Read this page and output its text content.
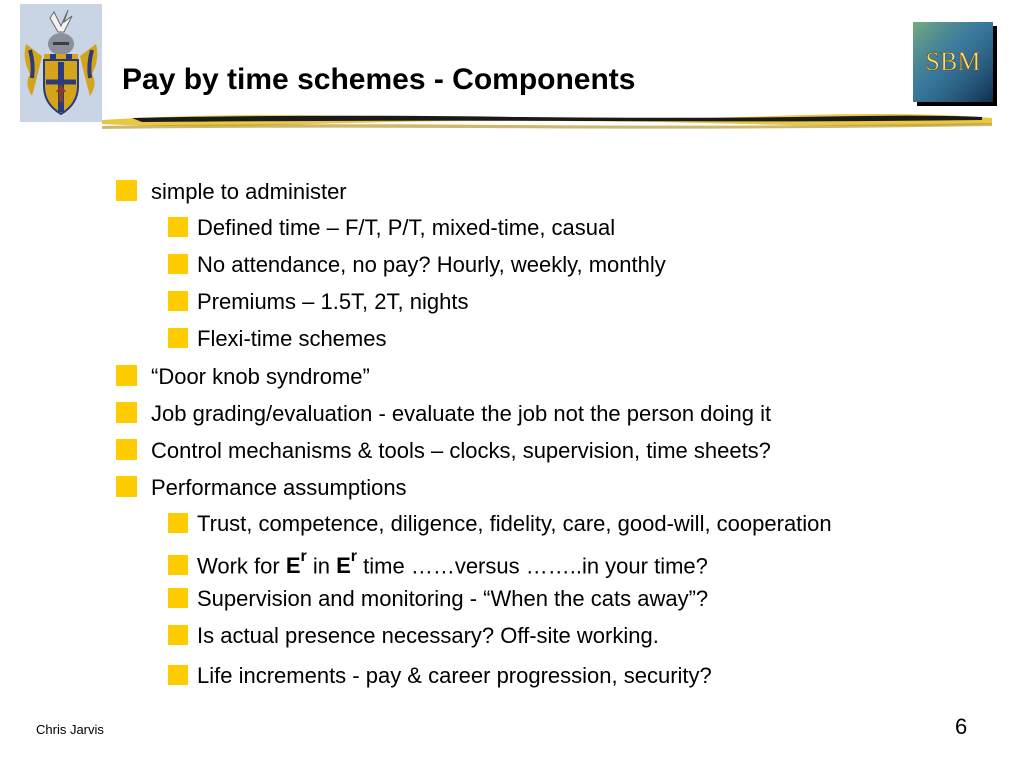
Pay by time schemes - Components
SBM
simple to administer
Defined time – F/T, P/T, mixed-time, casual
No attendance, no pay? Hourly, weekly, monthly
Premiums – 1.5T, 2T, nights
Flexi-time schemes
“Door knob syndrome”
Job grading/evaluation - evaluate the job not the person doing it
Control mechanisms & tools – clocks, supervision, time sheets?
Performance assumptions
Trust, competence, diligence, fidelity, care, good-will, cooperation
Work for $E^r$ in $E^r$ time ……versus ……..in your time?
Supervision and monitoring - “When the cats away”?
Is actual presence necessary? Off-site working.
Life increments - pay & career progression, security?
Chris Jarvis	6
